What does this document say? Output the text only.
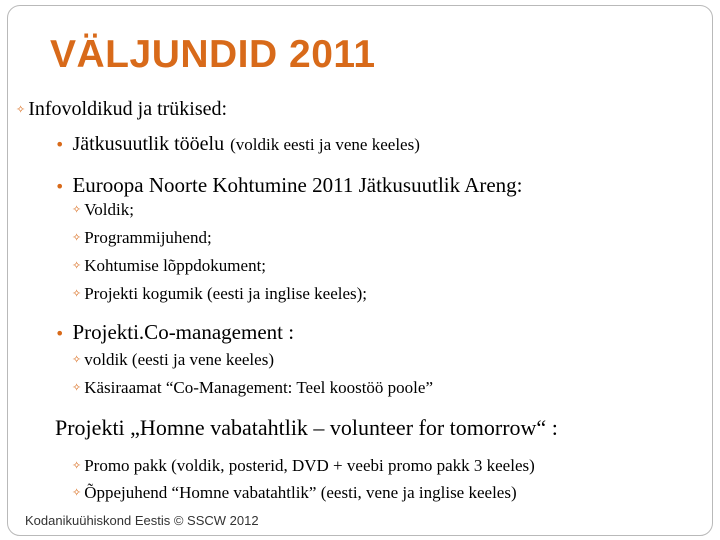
VÄLJUNDID 2011
✧ Infovoldikud ja trükised:
• Jätkusuutlik tööelu (voldik eesti ja vene keeles)
• Euroopa Noorte Kohtumine 2011 Jätkusuutlik Areng:
✧ Voldik;
✧ Programmijuhend;
✧ Kohtumise lõppdokument;
✧ Projekti kogumik (eesti ja inglise keeles);
• Projekti.Co-management :
✧ voldik (eesti ja vene keeles)
✧ Käsiraamat “Co-Management: Teel koostöö poole”
Projekti „Homne vabatahtlik – volunteer for tomorrow“ :
✧ Promo pakk (voldik, posterid, DVD + veebi promo pakk 3 keeles)
✧ Õppejuhend “Homne vabatahtlik” (eesti, vene ja inglise keeles)
Kodanikuühiskond Eestis © SSCW 2012
